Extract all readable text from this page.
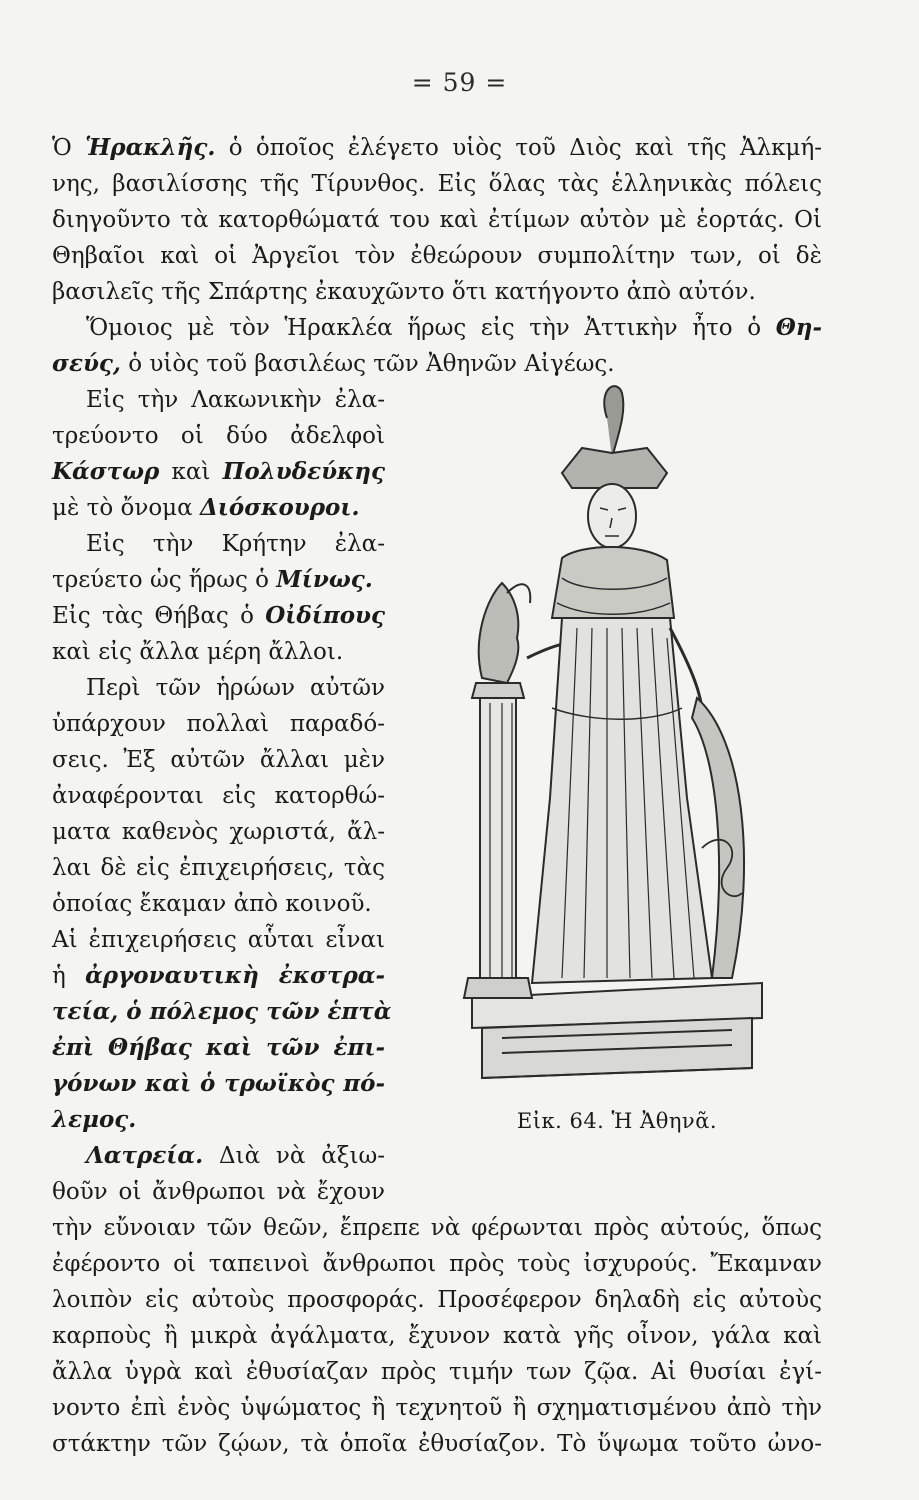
= 59 =
Ὁ Ἡρακλῆς. ὁ ὁποῖος ἐλέγετο υἱὸς τοῦ Διὸς καὶ τῆς Ἀλκμή-
νης, βασιλίσσης τῆς Τίρυνθος. Εἰς ὅλας τὰς ἑλληνικὰς πόλεις
διηγοῦντο τὰ κατορθώματά του καὶ ἐτίμων αὐτὸν μὲ ἑορτάς. Οἱ
Θηβαῖοι καὶ οἱ Ἀργεῖοι τὸν ἐθεώρουν συμπολίτην των, οἱ δὲ
βασιλεῖς τῆς Σπάρτης ἐκαυχῶντο ὅτι κατήγοντο ἀπὸ αὐτόν.
Ὅμοιος μὲ τὸν Ἡρακλέα ἥρως εἰς τὴν Ἀττικὴν ἦτο ὁ Θη-
σεύς, ὁ υἱὸς τοῦ βασιλέως τῶν Ἀθηνῶν Αἰγέως.
Εἰς τὴν Λακωνικὴν ἐλα-
τρεύοντο οἱ δύο ἀδελφοὶ
Κάστωρ καὶ Πολυδεύκης
μὲ τὸ ὄνομα Διόσκουροι.
Εἰς τὴν Κρήτην ἐλα-
τρεύετο ὡς ἥρως ὁ Μίνως.
Εἰς τὰς Θήβας ὁ Οἰδίπους
καὶ εἰς ἄλλα μέρη ἄλλοι.
Περὶ τῶν ἡρώων αὐτῶν
ὑπάρχουν πολλαὶ παραδό-
σεις. Ἐξ αὐτῶν ἄλλαι μὲν
ἀναφέρονται εἰς κατορθώ-
ματα καθενὸς χωριστά, ἄλ-
λαι δὲ εἰς ἐπιχειρήσεις, τὰς
ὁποίας ἔκαμαν ἀπὸ κοινοῦ.
Αἱ ἐπιχειρήσεις αὗται εἶναι
ἡ ἀργοναυτικὴ ἐκστρα-
τεία, ὁ πόλεμος τῶν ἑπτὰ
ἐπὶ Θήβας καὶ τῶν ἐπι-
γόνων καὶ ὁ τρωϊκὸς πό-
λεμος.
Λατρεία. Διὰ νὰ ἀξιω-
θοῦν οἱ ἄνθρωποι νὰ ἔχουν
τὴν εὔνοιαν τῶν θεῶν, ἔπρεπε νὰ φέρωνται πρὸς αὐτούς, ὅπως
ἐφέροντο οἱ ταπεινοὶ ἄνθρωποι πρὸς τοὺς ἰσχυρούς. Ἔκαμναν
λοιπὸν εἰς αὐτοὺς προσφοράς. Προσέφερον δηλαδὴ εἰς αὐτοὺς
καρποὺς ἢ μικρὰ ἀγάλματα, ἔχυνον κατὰ γῆς οἶνον, γάλα καὶ
ἄλλα ὑγρὰ καὶ ἐθυσίαζαν πρὸς τιμήν των ζῷα. Αἱ θυσίαι ἐγί-
νοντο ἐπὶ ἑνὸς ὑψώματος ἢ τεχνητοῦ ἢ σχηματισμένου ἀπὸ τὴν
στάκτην τῶν ζῴων, τὰ ὁποῖα ἐθυσίαζον. Τὸ ὕψωμα τοῦτο ὠνο-
Εἰκ. 64. Ἡ Ἀθηνᾶ.
